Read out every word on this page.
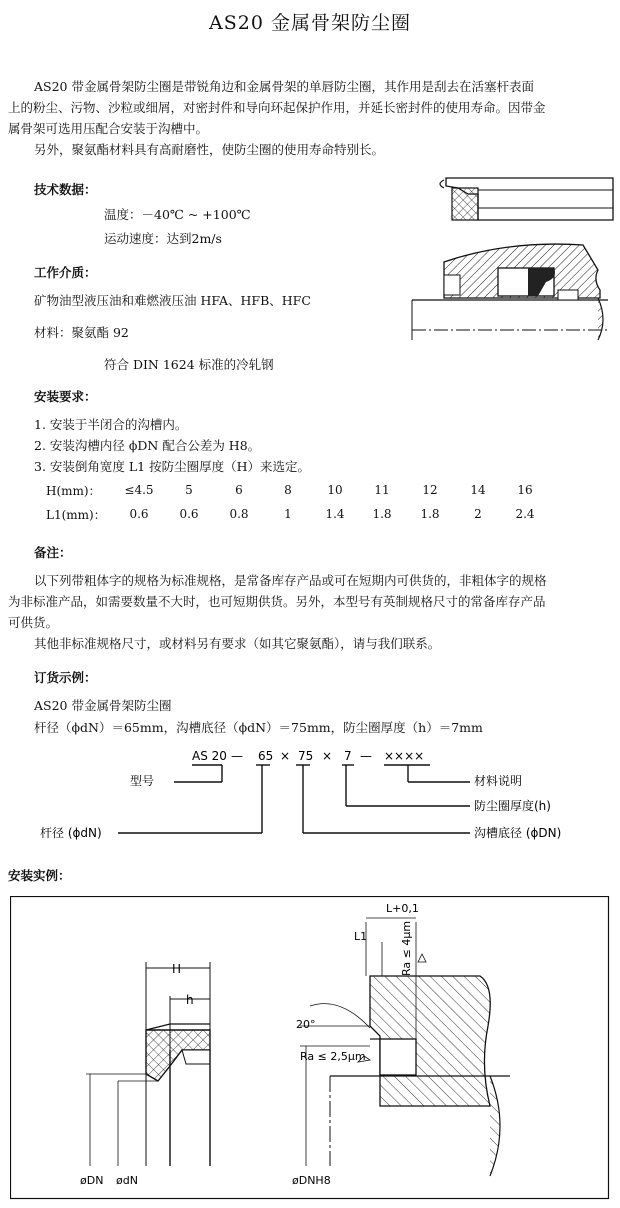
AS20 金属骨架防尘圈
AS20 带金属骨架防尘圈是带锐角边和金属骨架的单唇防尘圈，其作用是刮去在活塞杆表面
上的粉尘、污物、沙粒或细屑，对密封件和导向环起保护作用，并延长密封件的使用寿命。因带金
属骨架可选用压配合安装于沟槽中。
另外，聚氨酯材料具有高耐磨性，使防尘圈的使用寿命特别长。
技术数据：
温度：－40℃ ~ +100℃
运动速度：达到2m/s
工作介质：
矿物油型液压油和难燃液压油 HFA、HFB、HFC
材料：聚氨酯 92
符合 DIN 1624 标准的冷轧钢
安装要求：
1. 安装于半闭合的沟槽内。
2. 安装沟槽内径 ϕDN 配合公差为 H8。
3. 安装倒角宽度 L1 按防尘圈厚度（H）来选定。
H(mm)：	≤4.5	5	6	8	10	11	12	14	16
L1(mm)：	0.6	0.6	0.8	1	1.4	1.8	1.8	2	2.4
备注：
以下列带粗体字的规格为标准规格，是常备库存产品或可在短期内可供货的，非粗体字的规格
为非标准产品，如需要数量不大时，也可短期供货。另外，本型号有英制规格尺寸的常备库存产品
可供货。
其他非标准规格尺寸，或材料另有要求（如其它聚氨酯），请与我们联系。
订货示例：
AS20 带金属骨架防尘圈
杆径（ϕdN）＝65mm，沟槽底径（ϕdN）＝75mm，防尘圈厚度（h）＝7mm
AS 20 — 65 × 75 × 7 — ××××
型号	材料说明
防尘圈厚度(h)
沟槽底径 (ϕDN)
杆径 (ϕdN)
安装实例：
H
h
øDN ødN
L+0,1
L1	Ra ≤ 4µm
20°
Ra ≤ 2,5µm
øDNH8
